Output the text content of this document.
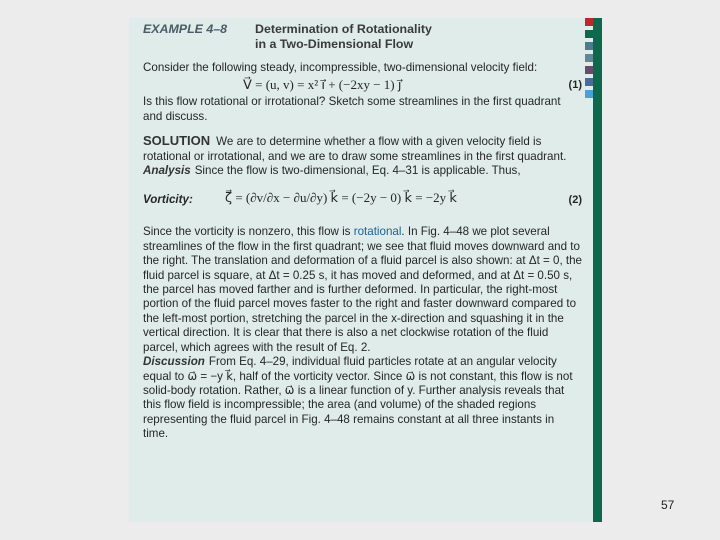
EXAMPLE 4–8	Determination of Rotationality
in a Two-Dimensional Flow

Consider the following steady, incompressible, two-dimensional velocity field:

V⃗ = (u, v) = x² i⃗ + (−2xy − 1) j⃗	(1)

Is this flow rotational or irrotational? Sketch some streamlines in the first quadrant and discuss.

SOLUTION We are to determine whether a flow with a given velocity field is rotational or irrotational, and we are to draw some streamlines in the first quadrant.

Analysis Since the flow is two-dimensional, Eq. 4–31 is applicable. Thus,

Vorticity: ζ⃗ = (∂v/∂x − ∂u/∂y) k⃗ = (−2y − 0) k⃗ = −2y k⃗	(2)

Since the vorticity is nonzero, this flow is rotational. In Fig. 4–48 we plot several streamlines of the flow in the first quadrant; we see that fluid moves downward and to the right. The translation and deformation of a fluid parcel is also shown: at Δt = 0, the fluid parcel is square, at Δt = 0.25 s, it has moved and deformed, and at Δt = 0.50 s, the parcel has moved farther and is further deformed. In particular, the right-most portion of the fluid parcel moves faster to the right and faster downward compared to the left-most portion, stretching the parcel in the x-direction and squashing it in the vertical direction. It is clear that there is also a net clockwise rotation of the fluid parcel, which agrees with the result of Eq. 2.

Discussion From Eq. 4–29, individual fluid particles rotate at an angular velocity equal to ω⃗ = −y k⃗, half of the vorticity vector. Since ω⃗ is not constant, this flow is not solid-body rotation. Rather, ω⃗ is a linear function of y. Further analysis reveals that this flow field is incompressible; the area (and volume) of the shaded regions representing the fluid parcel in Fig. 4–48 remains constant at all three instants in time.

57
